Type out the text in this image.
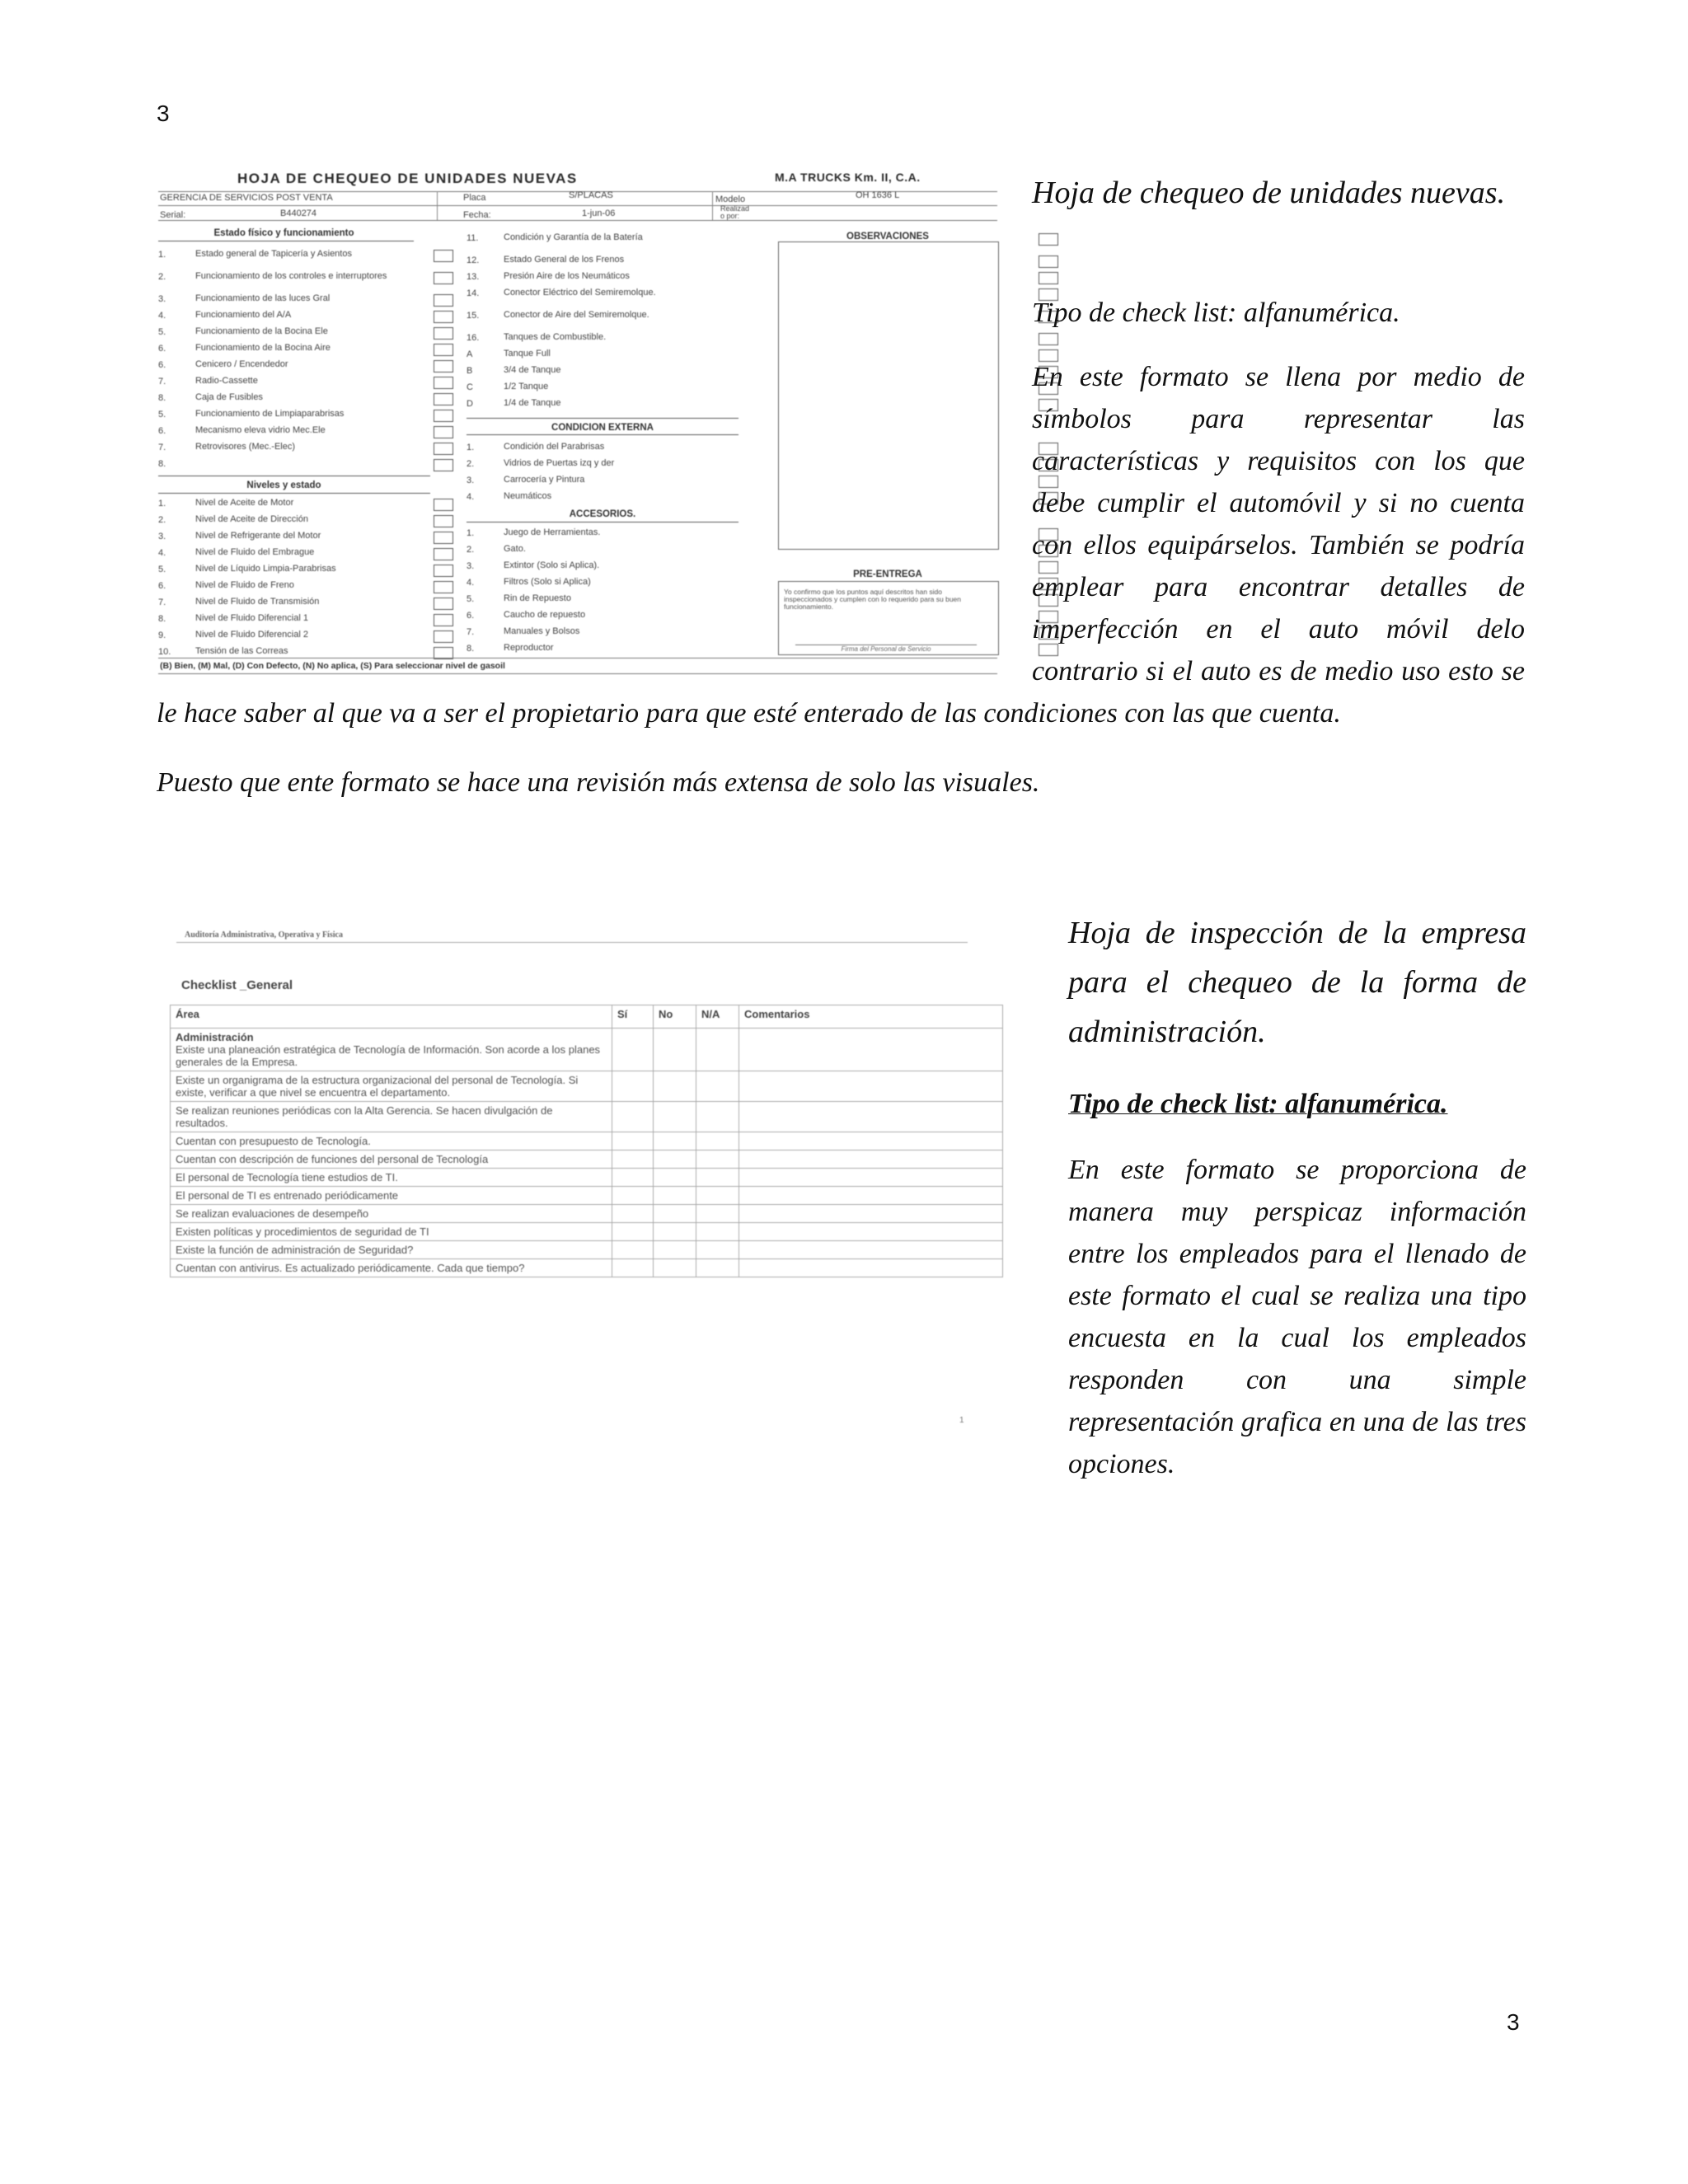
3
HOJA DE CHEQUEO DE UNIDADES NUEVAS	M.A TRUCKS Km. II, C.A.
GERENCIA DE SERVICIOS POST VENTA	Placa	S/PLACAS	Modelo	OH 1636 L
Serial:	B440274	Fecha:	1-jun-06	Realizad o por:
Estado físico y funcionamiento
1.	Estado general de Tapicería y Asientos
2.	Funcionamiento de los controles e interruptores
3.	Funcionamiento de las luces Gral
4.	Funcionamiento del A/A
5.	Funcionamiento de la Bocina Ele
6.	Funcionamiento de la Bocina Aire
6.	Cenicero / Encendedor
7.	Radio-Cassette
8.	Caja de Fusibles
5.	Funcionamiento de Limpiaparabrisas
6.	Mecanismo eleva vidrio Mec.Ele
7.	Retrovisores (Mec.-Elec)
8.
Niveles y estado
1.	Nivel de Aceite de Motor
2.	Nivel de Aceite de Dirección
3.	Nivel de Refrigerante del Motor
4.	Nivel de Fluido del Embrague
5.	Nivel de Líquido Limpia-Parabrisas
6.	Nivel de Fluido de Freno
7.	Nivel de Fluido de Transmisión
8.	Nivel de Fluido Diferencial 1
9.	Nivel de Fluido Diferencial 2
10.	Tensión de las Correas
11.	Condición y Garantía de la Batería
12.	Estado General de los Frenos
13.	Presión Aire de los Neumáticos
14.	Conector Eléctrico del Semiremolque.
15.	Conector de Aire del Semiremolque.
16.	Tanques de Combustible.
A	Tanque Full
B	3/4 de Tanque
C	1/2 Tanque
D	1/4 de Tanque
CONDICION EXTERNA
1.	Condición del Parabrisas
2.	Vidrios de Puertas izq y der
3.	Carrocería y Pintura
4.	Neumáticos
ACCESORIOS.
1.	Juego de Herramientas.
2.	Gato.
3.	Extintor (Solo si Aplica).
4.	Filtros (Solo si Aplica)
5.	Rin de Repuesto
6.	Caucho de repuesto
7.	Manuales y Bolsos
8.	Reproductor
OBSERVACIONES
PRE-ENTREGA
Yo confirmo que los puntos aquí descritos han sido inspeccionados y cumplen con lo requerido para su buen funcionamiento.
Firma del Personal de Servicio
(B) Bien, (M) Mal, (D) Con Defecto, (N) No aplica, (S) Para seleccionar nivel de gasoil
Hoja de chequeo de unidades nuevas.
Tipo de check list: alfanumérica.
En este formato se llena por medio de símbolos para representar las características y requisitos con los que debe cumplir el automóvil y si no cuenta con ellos equipárselos. También se podría emplear para encontrar detalles de imperfección en el auto móvil delo contrario si el auto es de medio uso esto se
le hace saber al que va a ser el propietario para que esté enterado de las condiciones con las que cuenta.
Puesto que ente formato se hace una revisión más extensa de solo las visuales.
Auditoría Administrativa, Operativa y Física
Checklist _General
Área	Sí	No	N/A	Comentarios

Administración
Existe una planeación estratégica de Tecnología de Información. Son acorde a los planes generales de la Empresa.				
Existe un organigrama de la estructura organizacional del personal de Tecnología. Si existe, verificar a que nivel se encuentra el departamento.				
Se realizan reuniones periódicas con la Alta Gerencia. Se hacen divulgación de resultados.				
Cuentan con presupuesto de Tecnología.				
Cuentan con descripción de funciones del personal de Tecnología				
El personal de Tecnología tiene estudios de TI.				
El personal de TI es entrenado periódicamente				
Se realizan evaluaciones de desempeño				
Existen políticas y procedimientos de seguridad de TI				
Existe la función de administración de Seguridad?				
Cuentan con antivirus. Es actualizado periódicamente. Cada que tiempo?				
1
Hoja de inspección de la empresa para el chequeo de la forma de administración.
Tipo de check list: alfanumérica.
En este formato se proporciona de manera muy perspicaz información entre los empleados para el llenado de este formato el cual se realiza una tipo encuesta en la cual los empleados responden con una simple representación grafica en una de las tres opciones.
3
